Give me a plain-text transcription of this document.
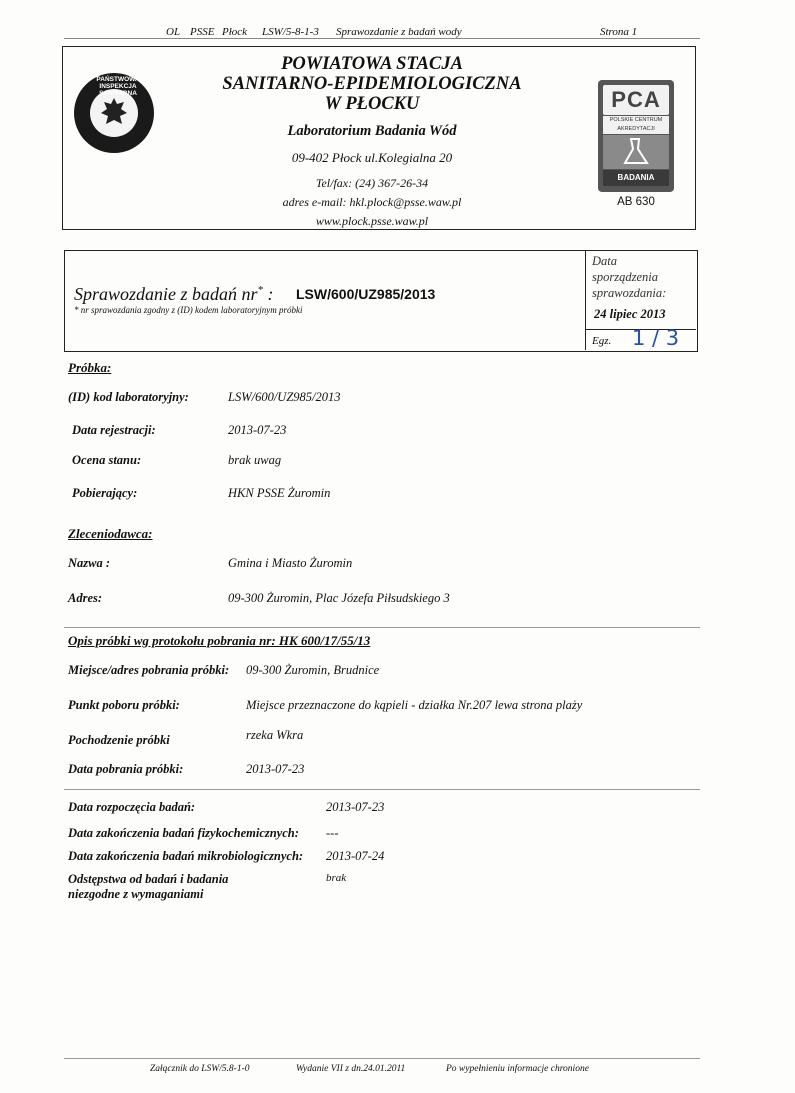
OL PSSE Płock LSW/5-8-1-3 Sprawozdanie z badań wody	Strona 1
PAŃSTWOWA INSPEKCJA SANITARNA
POWIATOWA STACJA
SANITARNO-EPIDEMIOLOGICZNA
W PŁOCKU
Laboratorium Badania Wód
09-402 Płock ul.Kolegialna 20
Tel/fax: (24) 367-26-34
adres e-mail: hkl.plock@psse.waw.pl
www.plock.psse.waw.pl
PCA
POLSKIE CENTRUM
AKREDYTACJI
BADANIA
AB 630
Sprawozdanie z badań nr* : LSW/600/UZ985/2013
* nr sprawozdania zgodny z (ID) kodem laboratoryjnym próbki
Data
sporządzenia
sprawozdania:
24 lipiec 2013
Egz. 1 / 3
Próbka:
(ID) kod laboratoryjny:	LSW/600/UZ985/2013
Data rejestracji:	2013-07-23
Ocena stanu:	brak uwag
Pobierający:	HKN PSSE Żuromin
Zleceniodawca:
Nazwa :	Gmina i Miasto Żuromin
Adres:	09-300 Żuromin, Plac Józefa Piłsudskiego 3
Opis próbki wg protokołu pobrania nr: HK 600/17/55/13
Miejsce/adres pobrania próbki: 09-300 Żuromin, Brudnice
Punkt poboru próbki:	Miejsce przeznaczone do kąpieli - działka Nr.207 lewa strona plaży
Pochodzenie próbki	rzeka Wkra
Data pobrania próbki:	2013-07-23
Data rozpoczęcia badań:	2013-07-23
Data zakończenia badań fizykochemicznych: ---
Data zakończenia badań mikrobiologicznych: 2013-07-24
Odstępstwa od badań i badania
niezgodne z wymaganiami
brak
Załącznik do LSW/5.8-1-0	Wydanie VII z dn.24.01.2011	Po wypełnieniu informacje chronione
